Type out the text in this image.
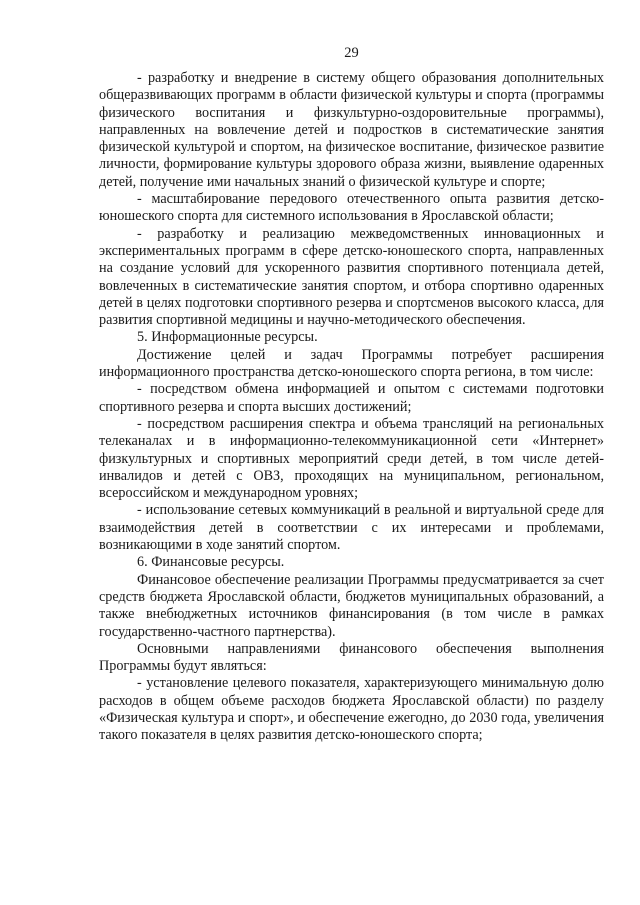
29

- разработку и внедрение в систему общего образования дополнительных общеразвивающих программ в области физической культуры и спорта (программы физического воспитания и физкультурно-оздоровительные программы), направленных на вовлечение детей и подростков в систематические занятия физической культурой и спортом, на физическое воспитание, физическое развитие личности, формирование культуры здорового образа жизни, выявление одаренных детей, получение ими начальных знаний о физической культуре и спорте;

- масштабирование передового отечественного опыта развития детско-юношеского спорта для системного использования в Ярославской области;

- разработку и реализацию межведомственных инновационных и экспериментальных программ в сфере детско-юношеского спорта, направленных на создание условий для ускоренного развития спортивного потенциала детей, вовлеченных в систематические занятия спортом, и отбора спортивно одаренных детей в целях подготовки спортивного резерва и спортсменов высокого класса, для развития спортивной медицины и научно-методического обеспечения.

5. Информационные ресурсы.

Достижение целей и задач Программы потребует расширения информационного пространства детско-юношеского спорта региона, в том числе:

- посредством обмена информацией и опытом с системами подготовки спортивного резерва и спорта высших достижений;

- посредством расширения спектра и объема трансляций на региональных телеканалах и в информационно-телекоммуникационной сети «Интернет» физкультурных и спортивных мероприятий среди детей, в том числе детей-инвалидов и детей с ОВЗ, проходящих на муниципальном, региональном, всероссийском и международном уровнях;

- использование сетевых коммуникаций в реальной и виртуальной среде для взаимодействия детей в соответствии с их интересами и проблемами, возникающими в ходе занятий спортом.

6. Финансовые ресурсы.

Финансовое обеспечение реализации Программы предусматривается за счет средств бюджета Ярославской области, бюджетов муниципальных образований, а также внебюджетных источников финансирования (в том числе в рамках государственно-частного партнерства).

Основными направлениями финансового обеспечения выполнения Программы будут являться:

- установление целевого показателя, характеризующего минимальную долю расходов в общем объеме расходов бюджета Ярославской области) по разделу «Физическая культура и спорт», и обеспечение ежегодно, до 2030 года, увеличения такого показателя в целях развития детско-юношеского спорта;
